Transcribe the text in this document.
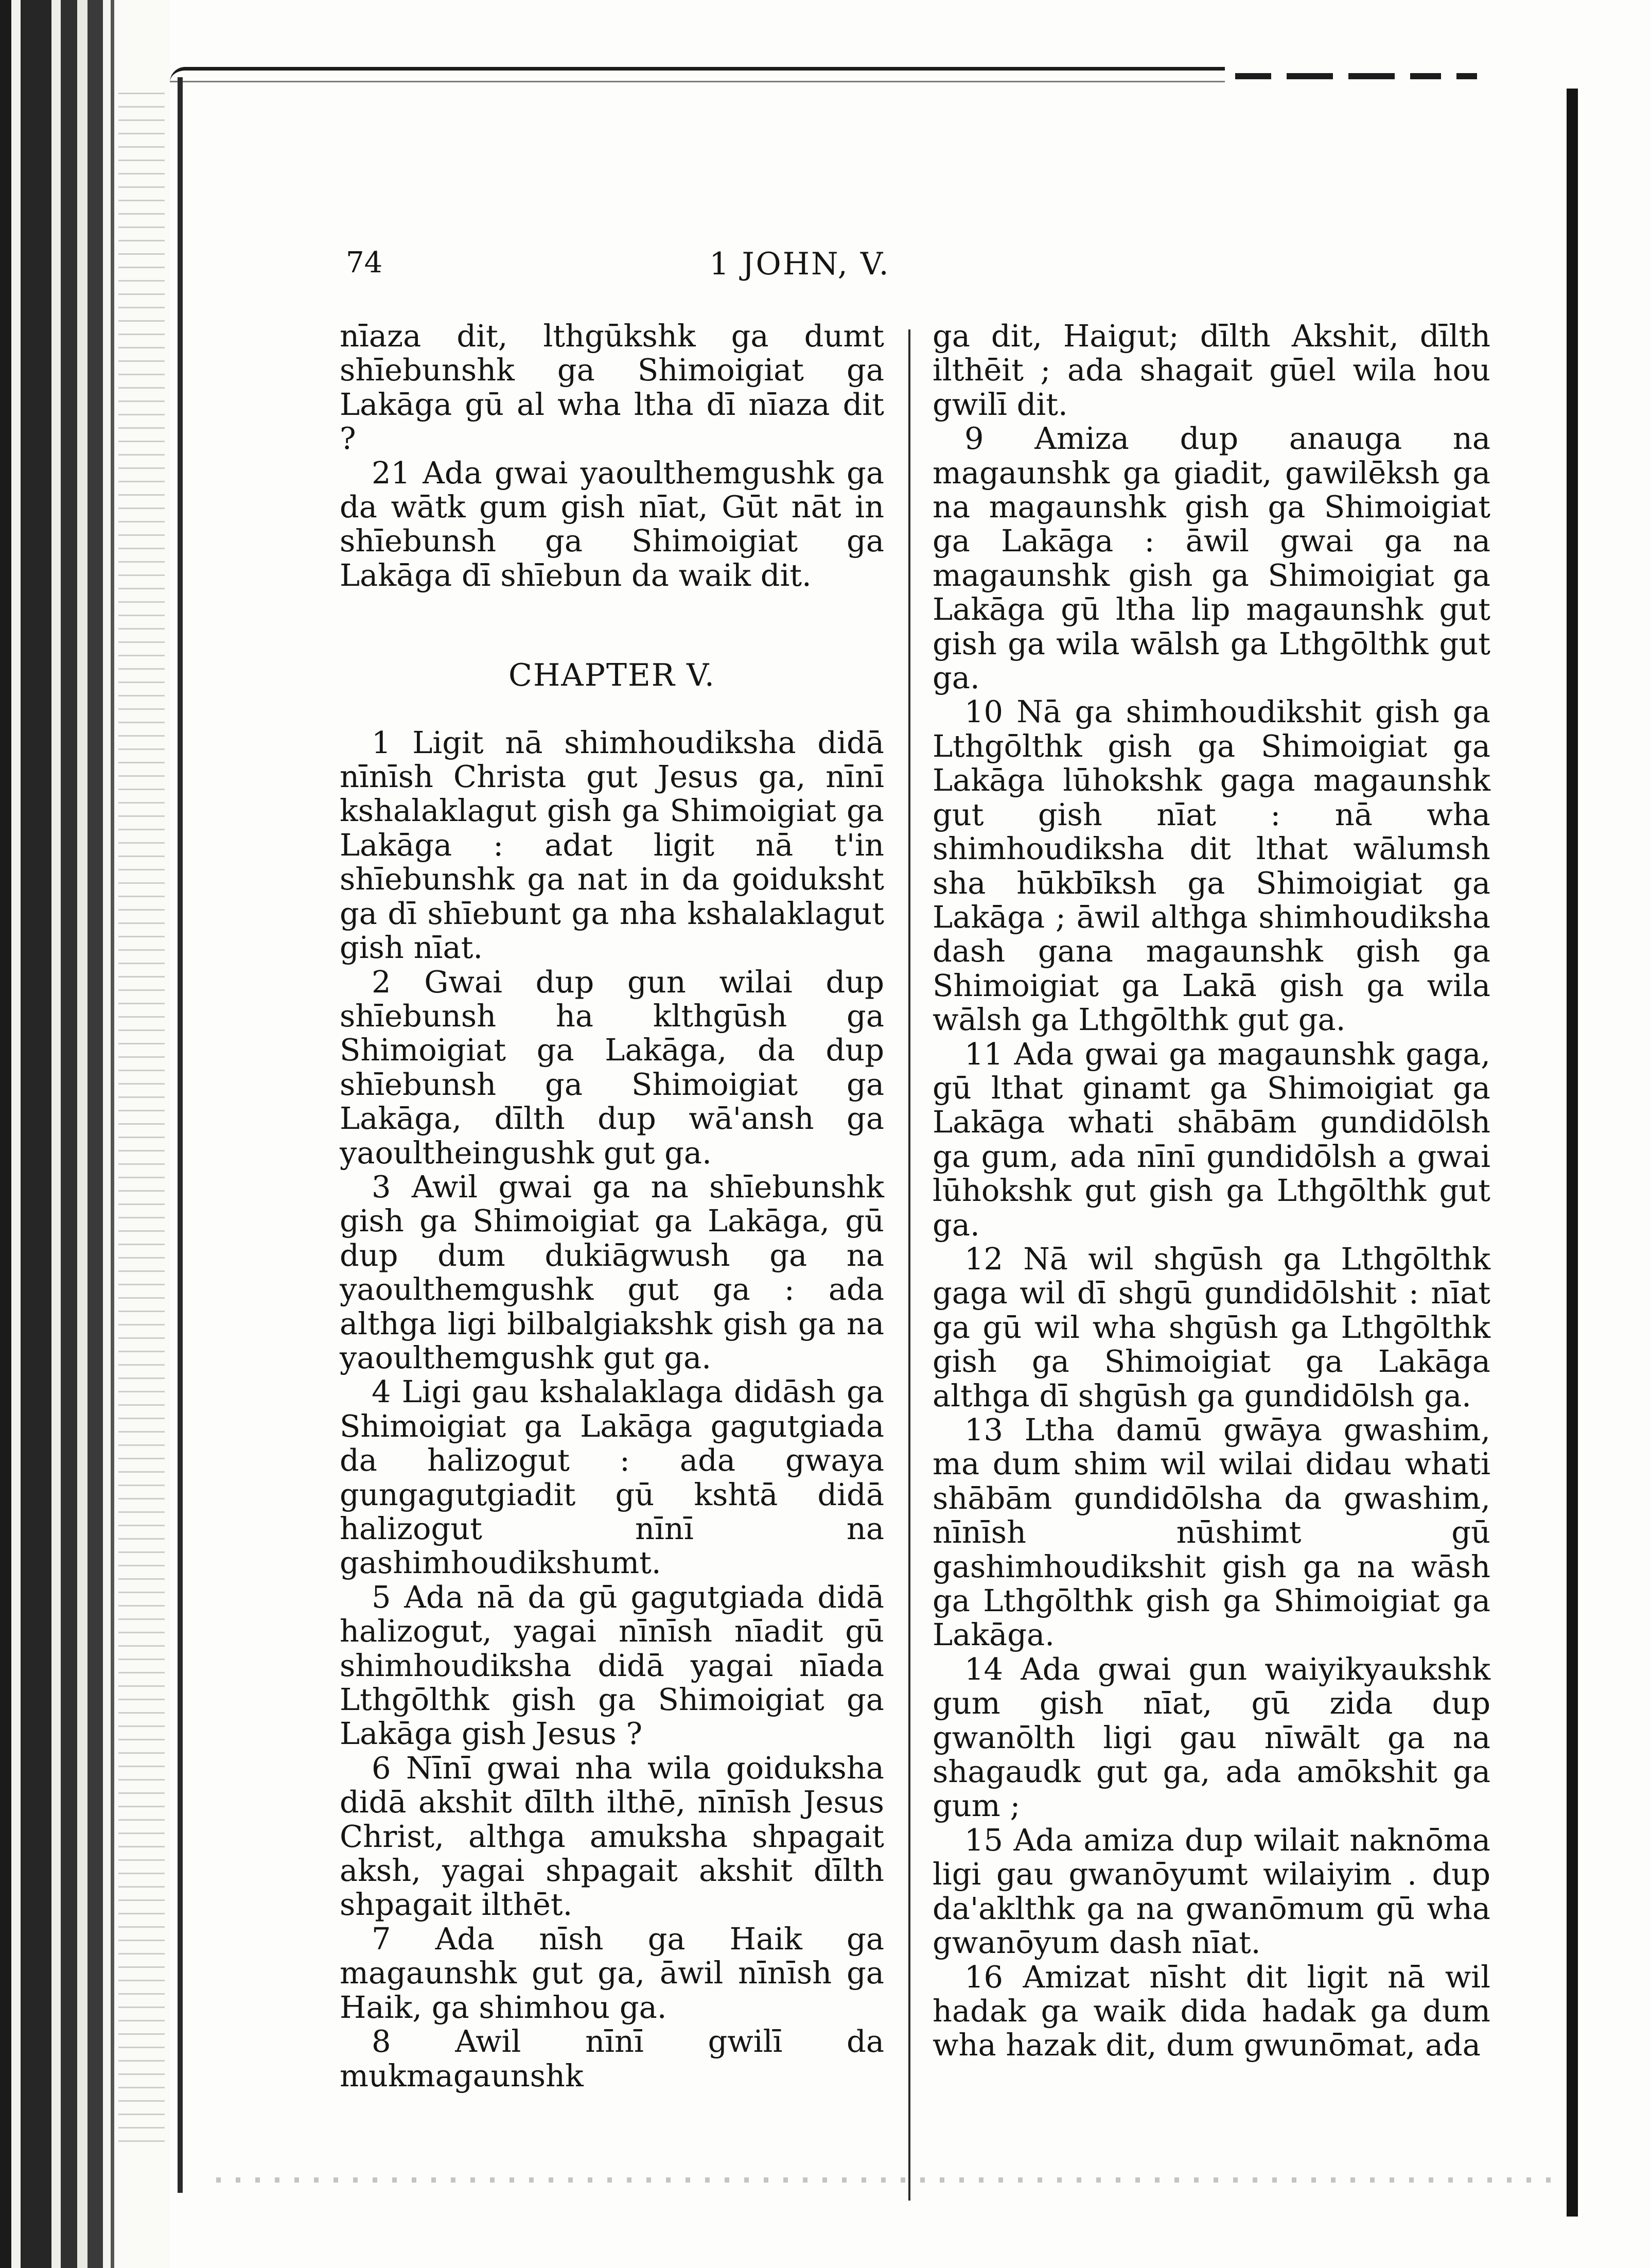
74	1 JOHN, V.

nīaza dit, lthgūkshk ga dumt shīebunshk ga Shimoigiat ga Lakāga gū al wha ltha dī nīaza dit ?

21 Ada gwai yaoulthemgushk ga da wātk gum gish nīat, Gūt nāt in shīebunsh ga Shimoigiat ga Lakāga dī shīebun da waik dit.

CHAPTER V.

1 Ligit nā shimhoudiksha didā nīnīsh Christa gut Jesus ga, nīnī kshalaklagut gish ga Shimoigiat ga Lakāga : adat ligit nā t'in shīebunshk ga nat in da goiduksht ga dī shīebunt ga nha kshalaklagut gish nīat.

2 Gwai dup gun wilai dup shīebunsh ha klthgūsh ga Shimoigiat ga Lakāga, da dup shīebunsh ga Shimoigiat ga Lakāga, dīlth dup wā'ansh ga yaoultheingushk gut ga.

3 Awil gwai ga na shīebunshk gish ga Shimoigiat ga Lakāga, gū dup dum dukiāgwush ga na yaoulthemgushk gut ga : ada althga ligi bilbalgiakshk gish ga na yaoulthemgushk gut ga.

4 Ligi gau kshalaklaga didāsh ga Shimoigiat ga Lakāga gagutgiada da halizogut : ada gwaya gungagutgiadit gū kshtā didā halizogut nīnī na gashimhoudikshumt.

5 Ada nā da gū gagutgiada didā halizogut, yagai nīnīsh nīadit gū shimhoudiksha didā yagai nīada Lthgōlthk gish ga Shimoigiat ga Lakāga gish Jesus ?

6 Nīnī gwai nha wila goiduksha didā akshit dīlth ilthē, nīnīsh Jesus Christ, althga amuksha shpagait aksh, yagai shpagait akshit dīlth shpagait ilthēt.

7 Ada nīsh ga Haik ga magaunshk gut ga, āwil nīnīsh ga Haik, ga shimhou ga.

8 Awil nīnī gwilī da mukmagaunshk

ga dit, Haigut; dīlth Akshit, dīlth ilthēit ; ada shagait gūel wila hou gwilī dit.

9 Amiza dup anauga na magaunshk ga giadit, gawilēksh ga na magaunshk gish ga Shimoigiat ga Lakāga : āwil gwai ga na magaunshk gish ga Shimoigiat ga Lakāga gū ltha lip magaunshk gut gish ga wila wālsh ga Lthgōlthk gut ga.

10 Nā ga shimhoudikshit gish ga Lthgōlthk gish ga Shimoigiat ga Lakāga lūhokshk gaga magaunshk gut gish nīat : nā wha shimhoudiksha dit lthat wālumsh sha hūkbīksh ga Shimoigiat ga Lakāga ; āwil althga shimhoudiksha dash gana magaunshk gish ga Shimoigiat ga Lakā gish ga wila wālsh ga Lthgōlthk gut ga.

11 Ada gwai ga magaunshk gaga, gū lthat ginamt ga Shimoigiat ga Lakāga whati shābām gundidōlsh ga gum, ada nīnī gundidōlsh a gwai lūhokshk gut gish ga Lthgōlthk gut ga.

12 Nā wil shgūsh ga Lthgōlthk gaga wil dī shgū gundidōlshit : nīat ga gū wil wha shgūsh ga Lthgōlthk gish ga Shimoigiat ga Lakāga althga dī shgūsh ga gundidōlsh ga.

13 Ltha damū gwāya gwashim, ma dum shim wil wilai didau whati shābām gundidōlsha da gwashim, nīnīsh nūshimt gū gashimhoudikshit gish ga na wāsh ga Lthgōlthk gish ga Shimoigiat ga Lakāga.

14 Ada gwai gun waiyikyaukshk gum gish nīat, gū zida dup gwanōlth ligi gau nīwālt ga na shagaudk gut ga, ada amōkshit ga gum ;

15 Ada amiza dup wilait naknōma ligi gau gwanōyumt wilaiyim . dup da'aklthk ga na gwanōmum gū wha gwanōyum dash nīat.

16 Amizat nīsht dit ligit nā wil hadak ga waik dida hadak ga dum wha hazak dit, dum gwunōmat, ada
